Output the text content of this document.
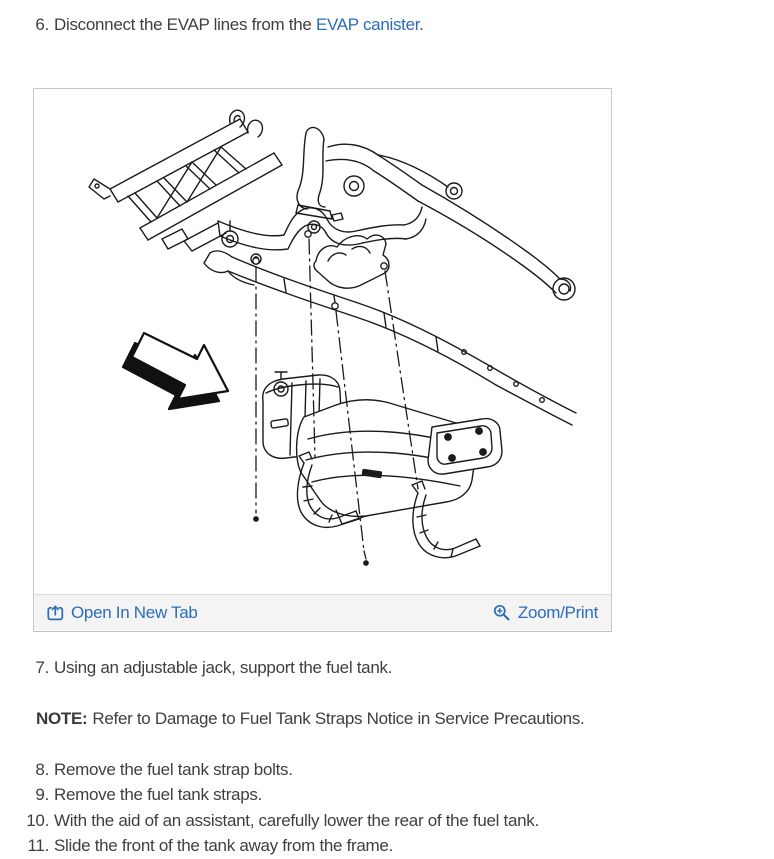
6. Disconnect the EVAP lines from the EVAP canister.

Open In New Tab	Zoom/Print

7. Using an adjustable jack, support the fuel tank.

NOTE: Refer to Damage to Fuel Tank Straps Notice in Service Precautions.

8. Remove the fuel tank strap bolts.

9. Remove the fuel tank straps.

10. With the aid of an assistant, carefully lower the rear of the fuel tank.

11. Slide the front of the tank away from the frame.
